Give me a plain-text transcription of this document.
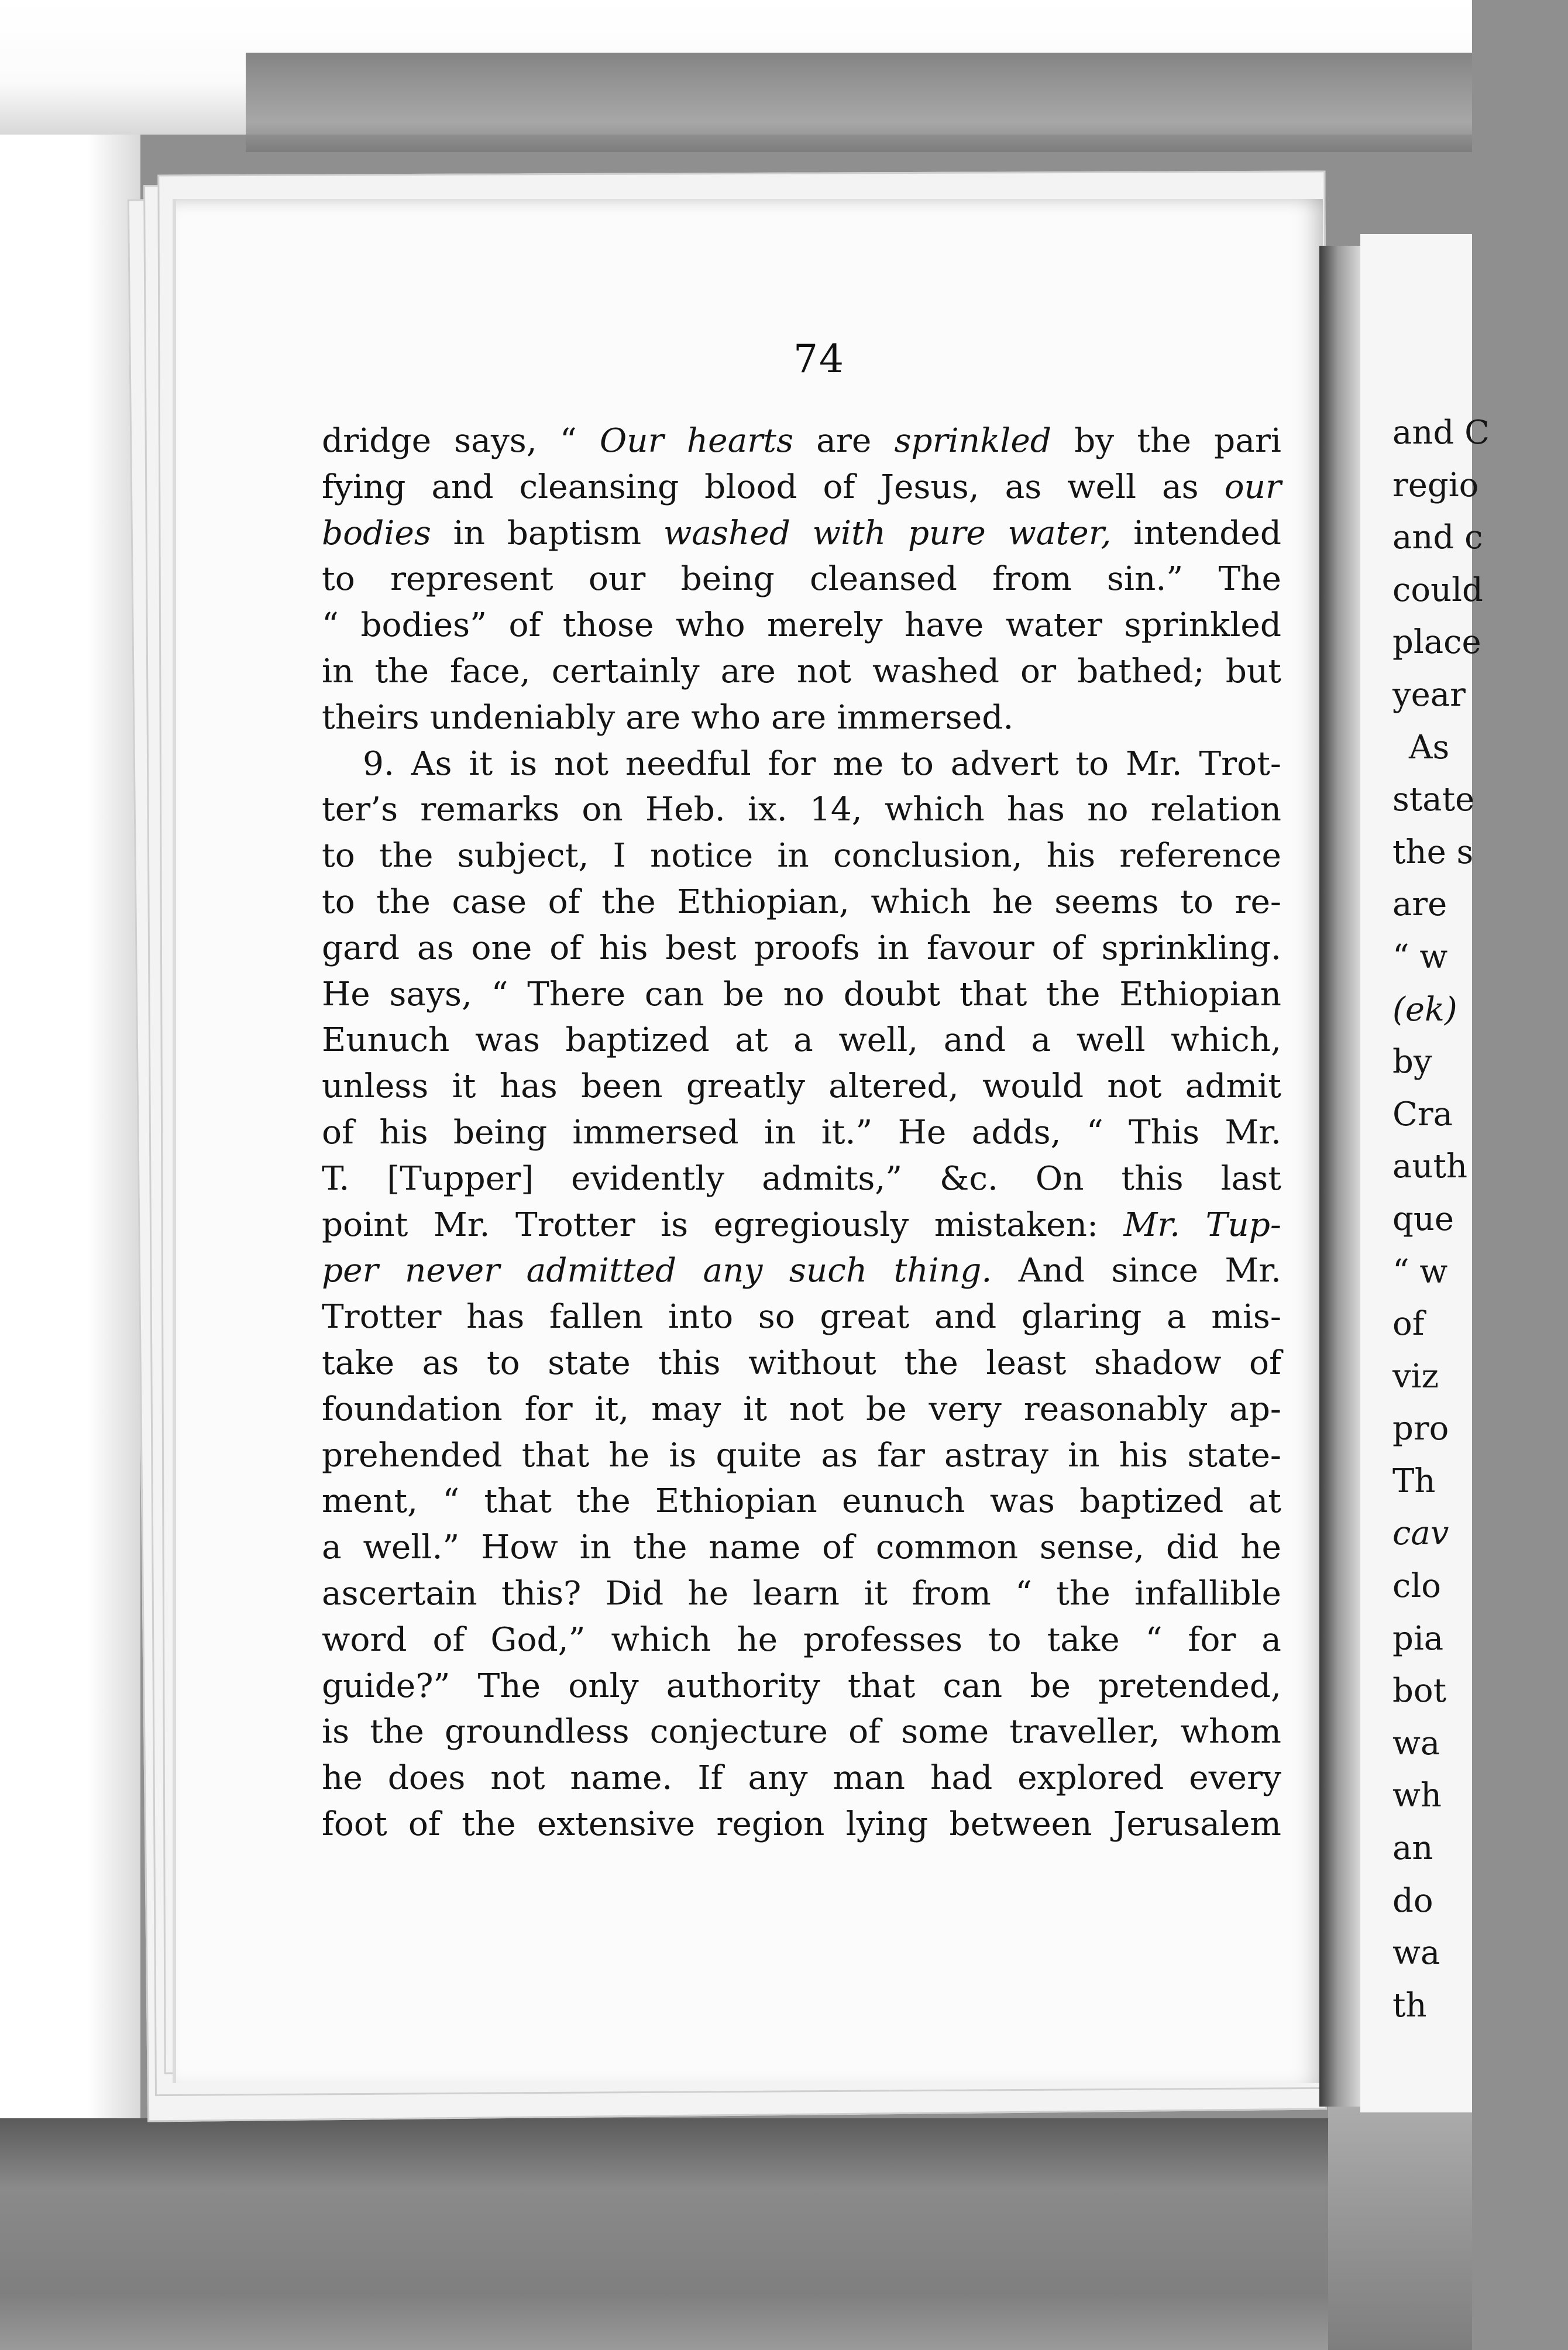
74
dridge says, “ Our hearts are sprinkled by the pari
fying and cleansing blood of Jesus, as well as our
bodies in baptism washed with pure water, intended
to represent our being cleansed from sin.” The
“ bodies” of those who merely have water sprinkled
in the face, certainly are not washed or bathed; but
theirs undeniably are who are immersed.
9. As it is not needful for me to advert to Mr. Trot-
ter’s remarks on Heb. ix. 14, which has no relation
to the subject, I notice in conclusion, his reference
to the case of the Ethiopian, which he seems to re-
gard as one of his best proofs in favour of sprinkling.
He says, “ There can be no doubt that the Ethiopian
Eunuch was baptized at a well, and a well which,
unless it has been greatly altered, would not admit
of his being immersed in it.” He adds, “ This Mr.
T. [Tupper] evidently admits,” &c. On this last
point Mr. Trotter is egregiously mistaken: Mr. Tup-
per never admitted any such thing. And since Mr.
Trotter has fallen into so great and glaring a mis-
take as to state this without the least shadow of
foundation for it, may it not be very reasonably ap-
prehended that he is quite as far astray in his state-
ment, “ that the Ethiopian eunuch was baptized at
a well.” How in the name of common sense, did he
ascertain this? Did he learn it from “ the infallible
word of God,” which he professes to take “ for a
guide?” The only authority that can be pretended,
is the groundless conjecture of some traveller, whom
he does not name. If any man had explored every
foot of the extensive region lying between Jerusalem
and C
regio
and c
could
place
year
As
state
the s
are
“ w
(ek)
by
Cra
auth
que
“ w
of
viz
pro
Th
cav
clo
pia
bot
wa
wh
an
do
wa
th
